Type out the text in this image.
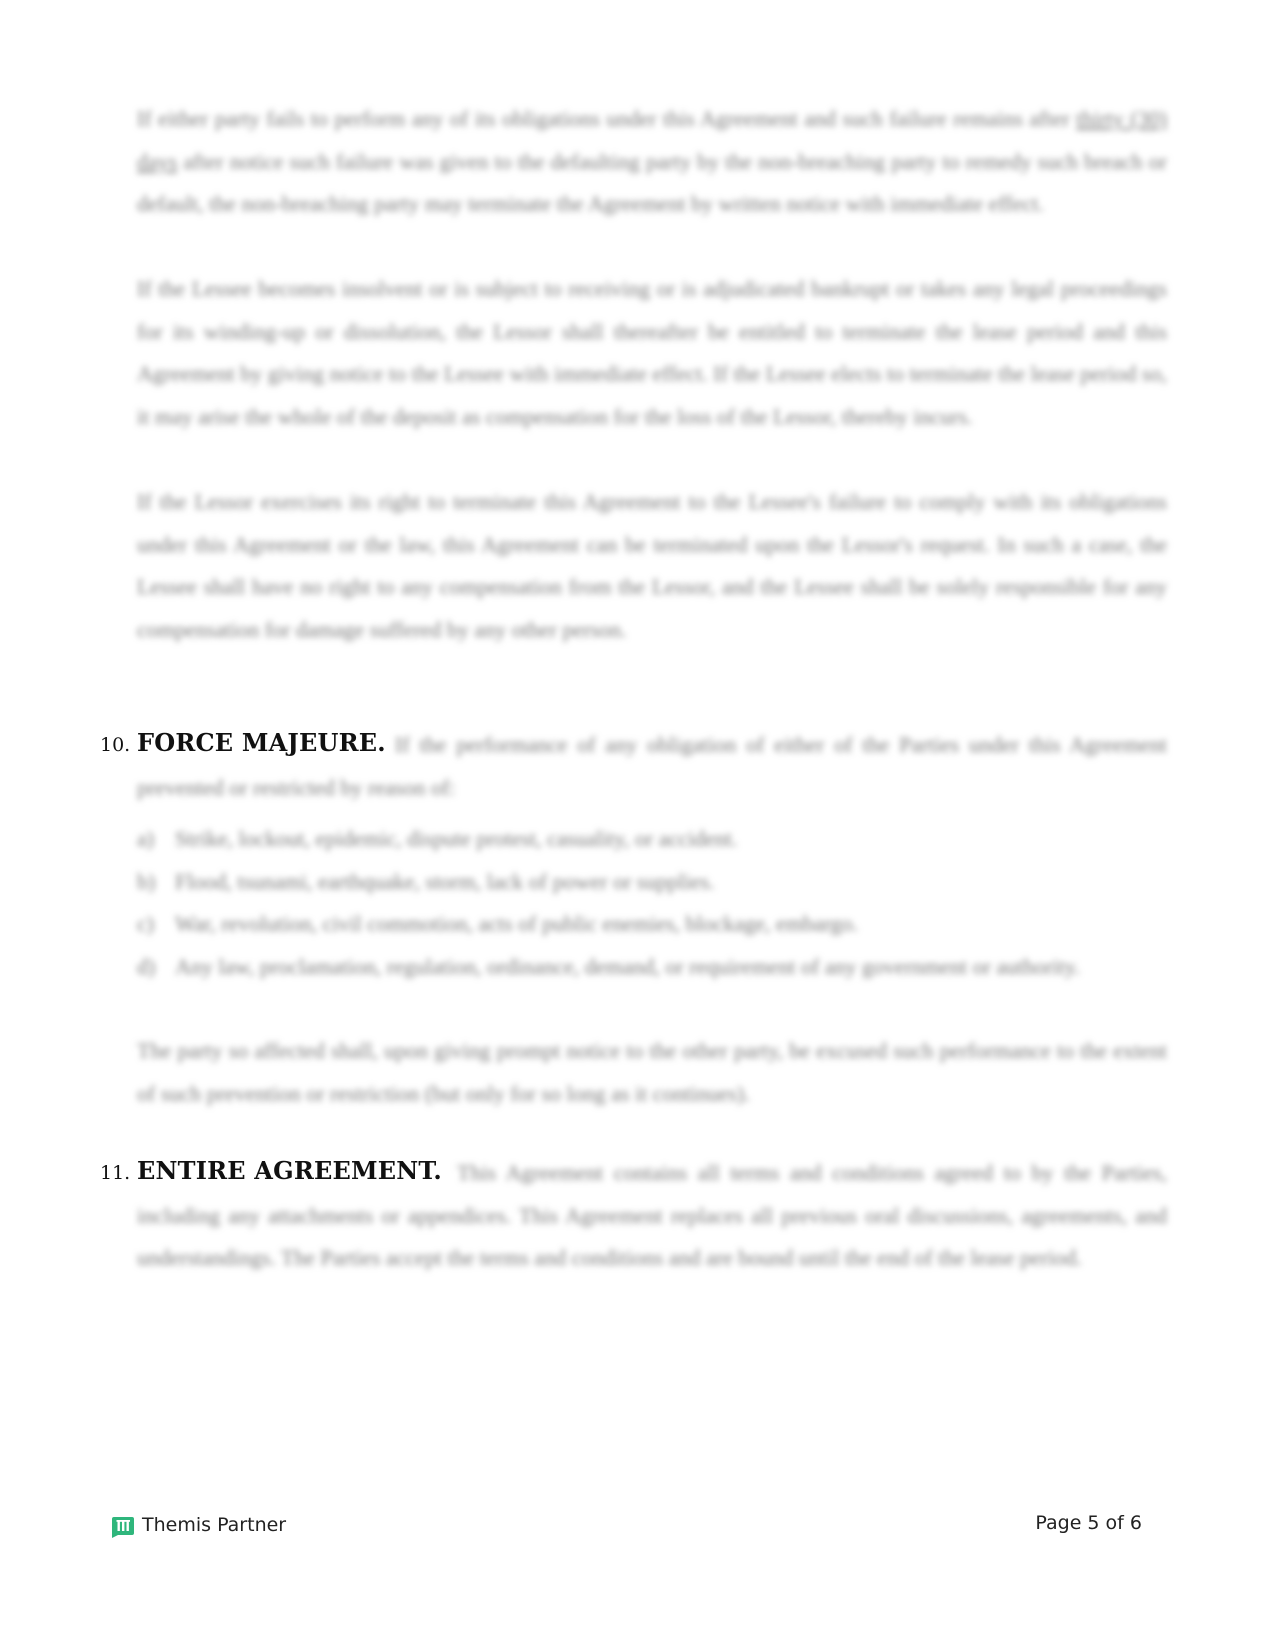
If either party fails to perform any of its obligations under this Agreement and such failure remains after thirty (30) days after notice such failure was given to the defaulting party by the non-breaching party to remedy such breach or default, the non-breaching party may terminate the Agreement by written notice with immediate effect.
If the Lessee becomes insolvent or is subject to receiving or is adjudicated bankrupt or takes any legal proceedings for its winding-up or dissolution, the Lessor shall thereafter be entitled to terminate the lease period and this Agreement by giving notice to the Lessee with immediate effect. If the Lessee elects to terminate the lease period so, it may arise the whole of the deposit as compensation for the loss of the Lessor, thereby incurs.
If the Lessor exercises its right to terminate this Agreement to the Lessee's failure to comply with its obligations under this Agreement or the law, this Agreement can be terminated upon the Lessor's request. In such a case, the Lessee shall have no right to any compensation from the Lessor, and the Lessee shall be solely responsible for any compensation for damage suffered by any other person.
If the performance of any obligation of either of the Parties under this Agreement prevented or restricted by reason of:
10. FORCE MAJEURE.
a) Strike, lockout, epidemic, dispute protest, casuality, or accident.
b) Flood, tsunami, earthquake, storm, lack of power or supplies.
c) War, revolution, civil commotion, acts of public enemies, blockage, embargo.
d) Any law, proclamation, regulation, ordinance, demand, or requirement of any government or authority.
The party so affected shall, upon giving prompt notice to the other party, be excused such performance to the extent of such prevention or restriction (but only for so long as it continues).
This Agreement contains all terms and conditions agreed to by the Parties, including any attachments or appendices. This Agreement replaces all previous oral discussions, agreements, and understandings. The Parties accept the terms and conditions and are bound until the end of the lease period.
11. ENTIRE AGREEMENT.
Themis Partner	Page 5 of 6
